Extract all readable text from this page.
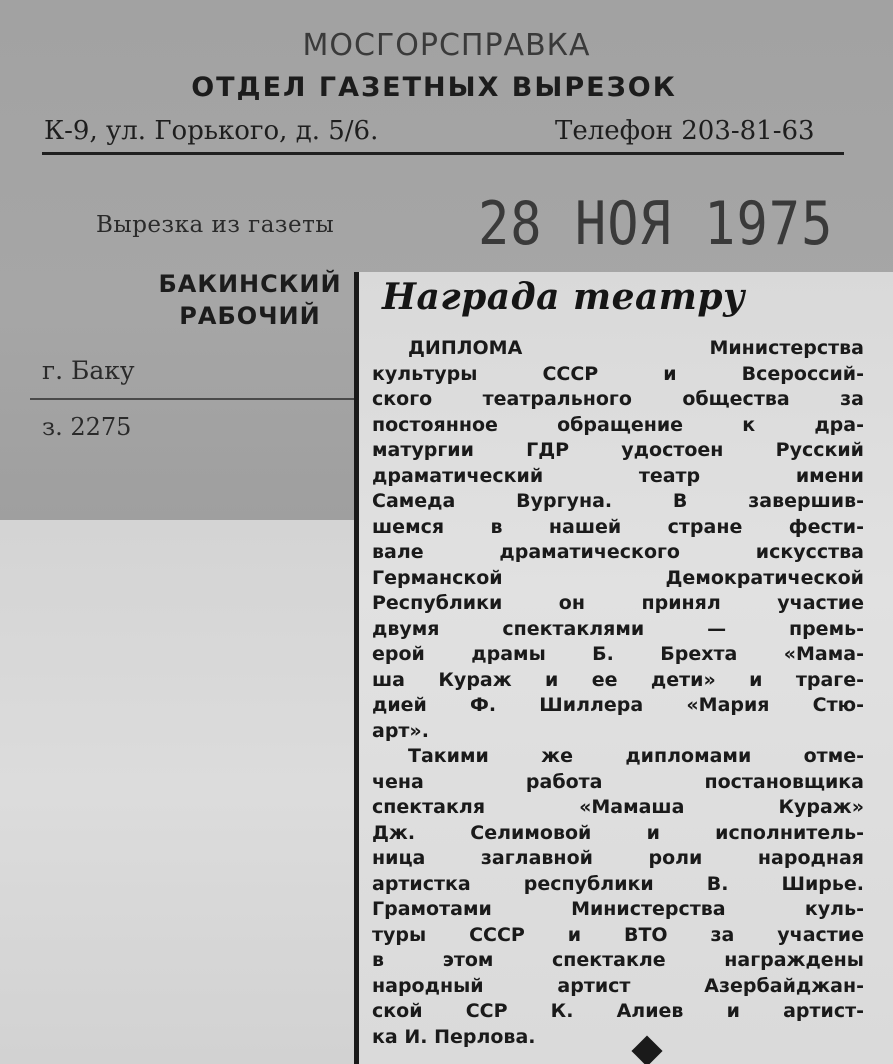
МОСГОРСПРАВКА
ОТДЕЛ ГАЗЕТНЫХ ВЫРЕЗОК
К-9, ул. Горького, д. 5/6.	Телефон 203-81-63
Вырезка из газеты	28 НОЯ 1975
БАКИНСКИЙ
РАБОЧИЙ
г. Баку
з. 2275
Награда театру

ДИПЛОМА Министерства

культуры СССР и Всероссий-

ского театрального общества за

постоянное обращение к дра-

матургии ГДР удостоен Русский

драматический театр имени

Самеда Вургуна. В завершив-

шемся в нашей стране фести-

вале драматического искусства

Германской Демократической

Республики он принял участие

двумя спектаклями — премь-

ерой драмы Б. Брехта «Мама-

ша Кураж и ее дети» и траге-

дией Ф. Шиллера «Мария Стю-

арт».

Такими же дипломами отме-

чена работа постановщика

спектакля «Мамаша Кураж»

Дж. Селимовой и исполнитель-

ница заглавной роли народная

артистка республики В. Ширье.

Грамотами Министерства куль-

туры СССР и ВТО за участие

в этом спектакле награждены

народный артист Азербайджан-

ской ССР К. Алиев и артист-

ка И. Перлова.
